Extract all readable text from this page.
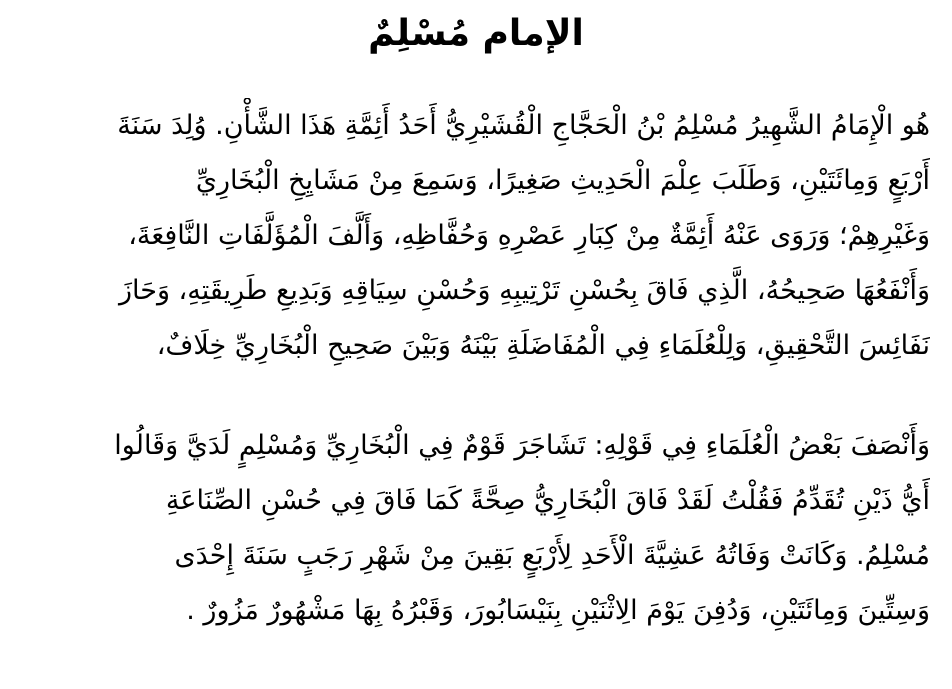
الإمام مُسْلِمٌ
هُو الْإِمَامُ الشَّهِيرُ مُسْلِمُ بْنُ الْحَجَّاجِ الْقُشَيْرِيُّ أَحَدُ أَئِمَّةِ هَذَا الشَّأْنِ. وُلِدَ سَنَةَ
أَرْبَعٍ وَمِائَتَيْنِ، وَطَلَبَ عِلْمَ الْحَدِيثِ صَغِيرًا، وَسَمِعَ مِنْ مَشَايِخِ الْبُخَارِيِّ
وَغَيْرِهِمْ؛ وَرَوَى عَنْهُ أَئِمَّةٌ مِنْ كِبَارِ عَصْرِهِ وَحُفَّاظِهِ، وَأَلَّفَ الْمُؤَلَّفَاتِ النَّافِعَةَ،
وَأَنْفَعُهَا صَحِيحُهُ، الَّذِي فَاقَ بِحُسْنِ تَرْتِيبِهِ وَحُسْنِ سِيَاقِهِ وَبَدِيعِ طَرِيقَتِهِ، وَحَازَ
نَفَائِسَ التَّحْقِيقِ، وَلِلْعُلَمَاءِ فِي الْمُفَاضَلَةِ بَيْنَهُ وَبَيْنَ صَحِيحِ الْبُخَارِيِّ خِلَافٌ،
وَأَنْصَفَ بَعْضُ الْعُلَمَاءِ فِي قَوْلِهِ: تَشَاجَرَ قَوْمٌ فِي الْبُخَارِيِّ وَمُسْلِمٍ لَدَيَّ وَقَالُوا
أَيُّ ذَيْنِ تُقَدِّمُ فَقُلْتُ لَقَدْ فَاقَ الْبُخَارِيُّ صِحَّةً كَمَا فَاقَ فِي حُسْنِ الصِّنَاعَةِ
مُسْلِمُ. وَكَانَتْ وَفَاتُهُ عَشِيَّةَ الْأَحَدِ لِأَرْبَعٍ بَقِينَ مِنْ شَهْرِ رَجَبٍ سَنَةَ إِحْدَى
وَسِتِّينَ وَمِائَتَيْنِ، وَدُفِنَ يَوْمَ الِاثْنَيْنِ بِنَيْسَابُورَ، وَقَبْرُهُ بِهَا مَشْهُورٌ مَزُورٌ .
